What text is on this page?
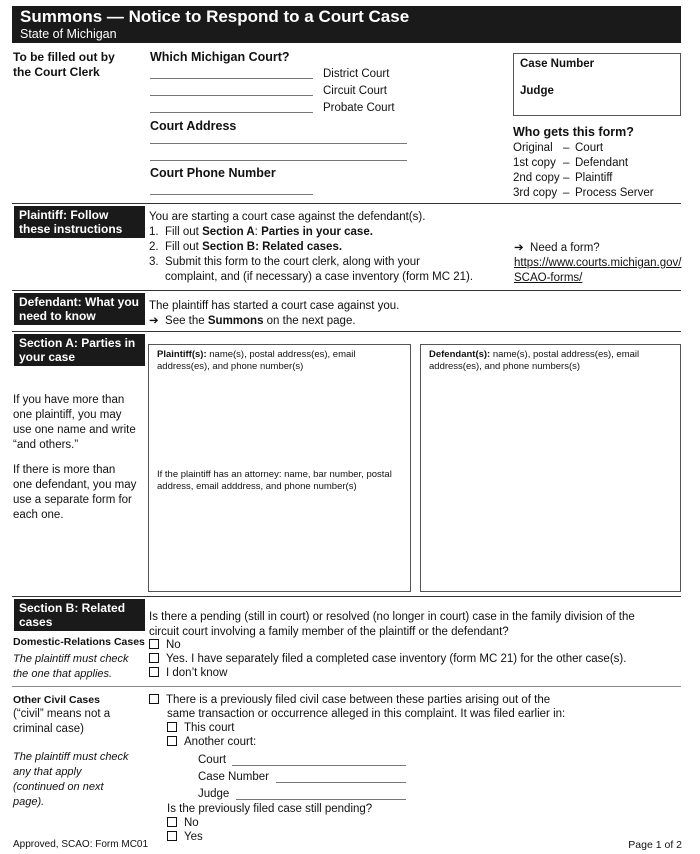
Summons — Notice to Respond to a Court Case
State of Michigan
To be filled out by the Court Clerk
Which Michigan Court?
District Court
Circuit Court
Probate Court
Court Address
Court Phone Number
Case Number
Judge
Who gets this form?
Original – Court
1st copy – Defendant
2nd copy – Plaintiff
3rd copy – Process Server
Plaintiff: Follow these instructions
You are starting a court case against the defendant(s).
1.  Fill out Section A: Parties in your case.
2.  Fill out Section B: Related cases.
3.  Submit this form to the court clerk, along with your
complaint, and (if necessary) a case inventory (form MC 21).
➔  Need a form?
https://www.courts.michigan.gov/
SCAO-forms/
Defendant: What you need to know
The plaintiff has started a court case against you.
➔  See the Summons on the next page.
Section A: Parties in your case
If you have more than one plaintiff, you may use one name and write “and others.”
If there is more than one defendant, you may use a separate form for each one.
Plaintiff(s): name(s), postal address(es), email address(es), and phone number(s)
If the plaintiff has an attorney: name, bar number, postal address, email adddress, and phone number(s)
Defendant(s): name(s), postal address(es), email address(es), and phone numbers(s)
Section B: Related cases
Domestic-Relations Cases
The plaintiff must check the one that applies.
Is there a pending (still in court) or resolved (no longer in court) case in the family division of the circuit court involving a family member of the plaintiff or the defendant?
No
Yes. I have separately filed a completed case inventory (form MC 21) for the other case(s).
I don’t know
Other Civil Cases
(“civil” means not a criminal case)
The plaintiff must check any that apply (continued on next page).
There is a previously filed civil case between these parties arising out of the
same transaction or occurrence alleged in this complaint. It was filed earlier in:
This court
Another court:
Court
Case Number
Judge
Is the previously filed case still pending?
No
Yes
Approved, SCAO: Form MC01	Page 1 of 2
